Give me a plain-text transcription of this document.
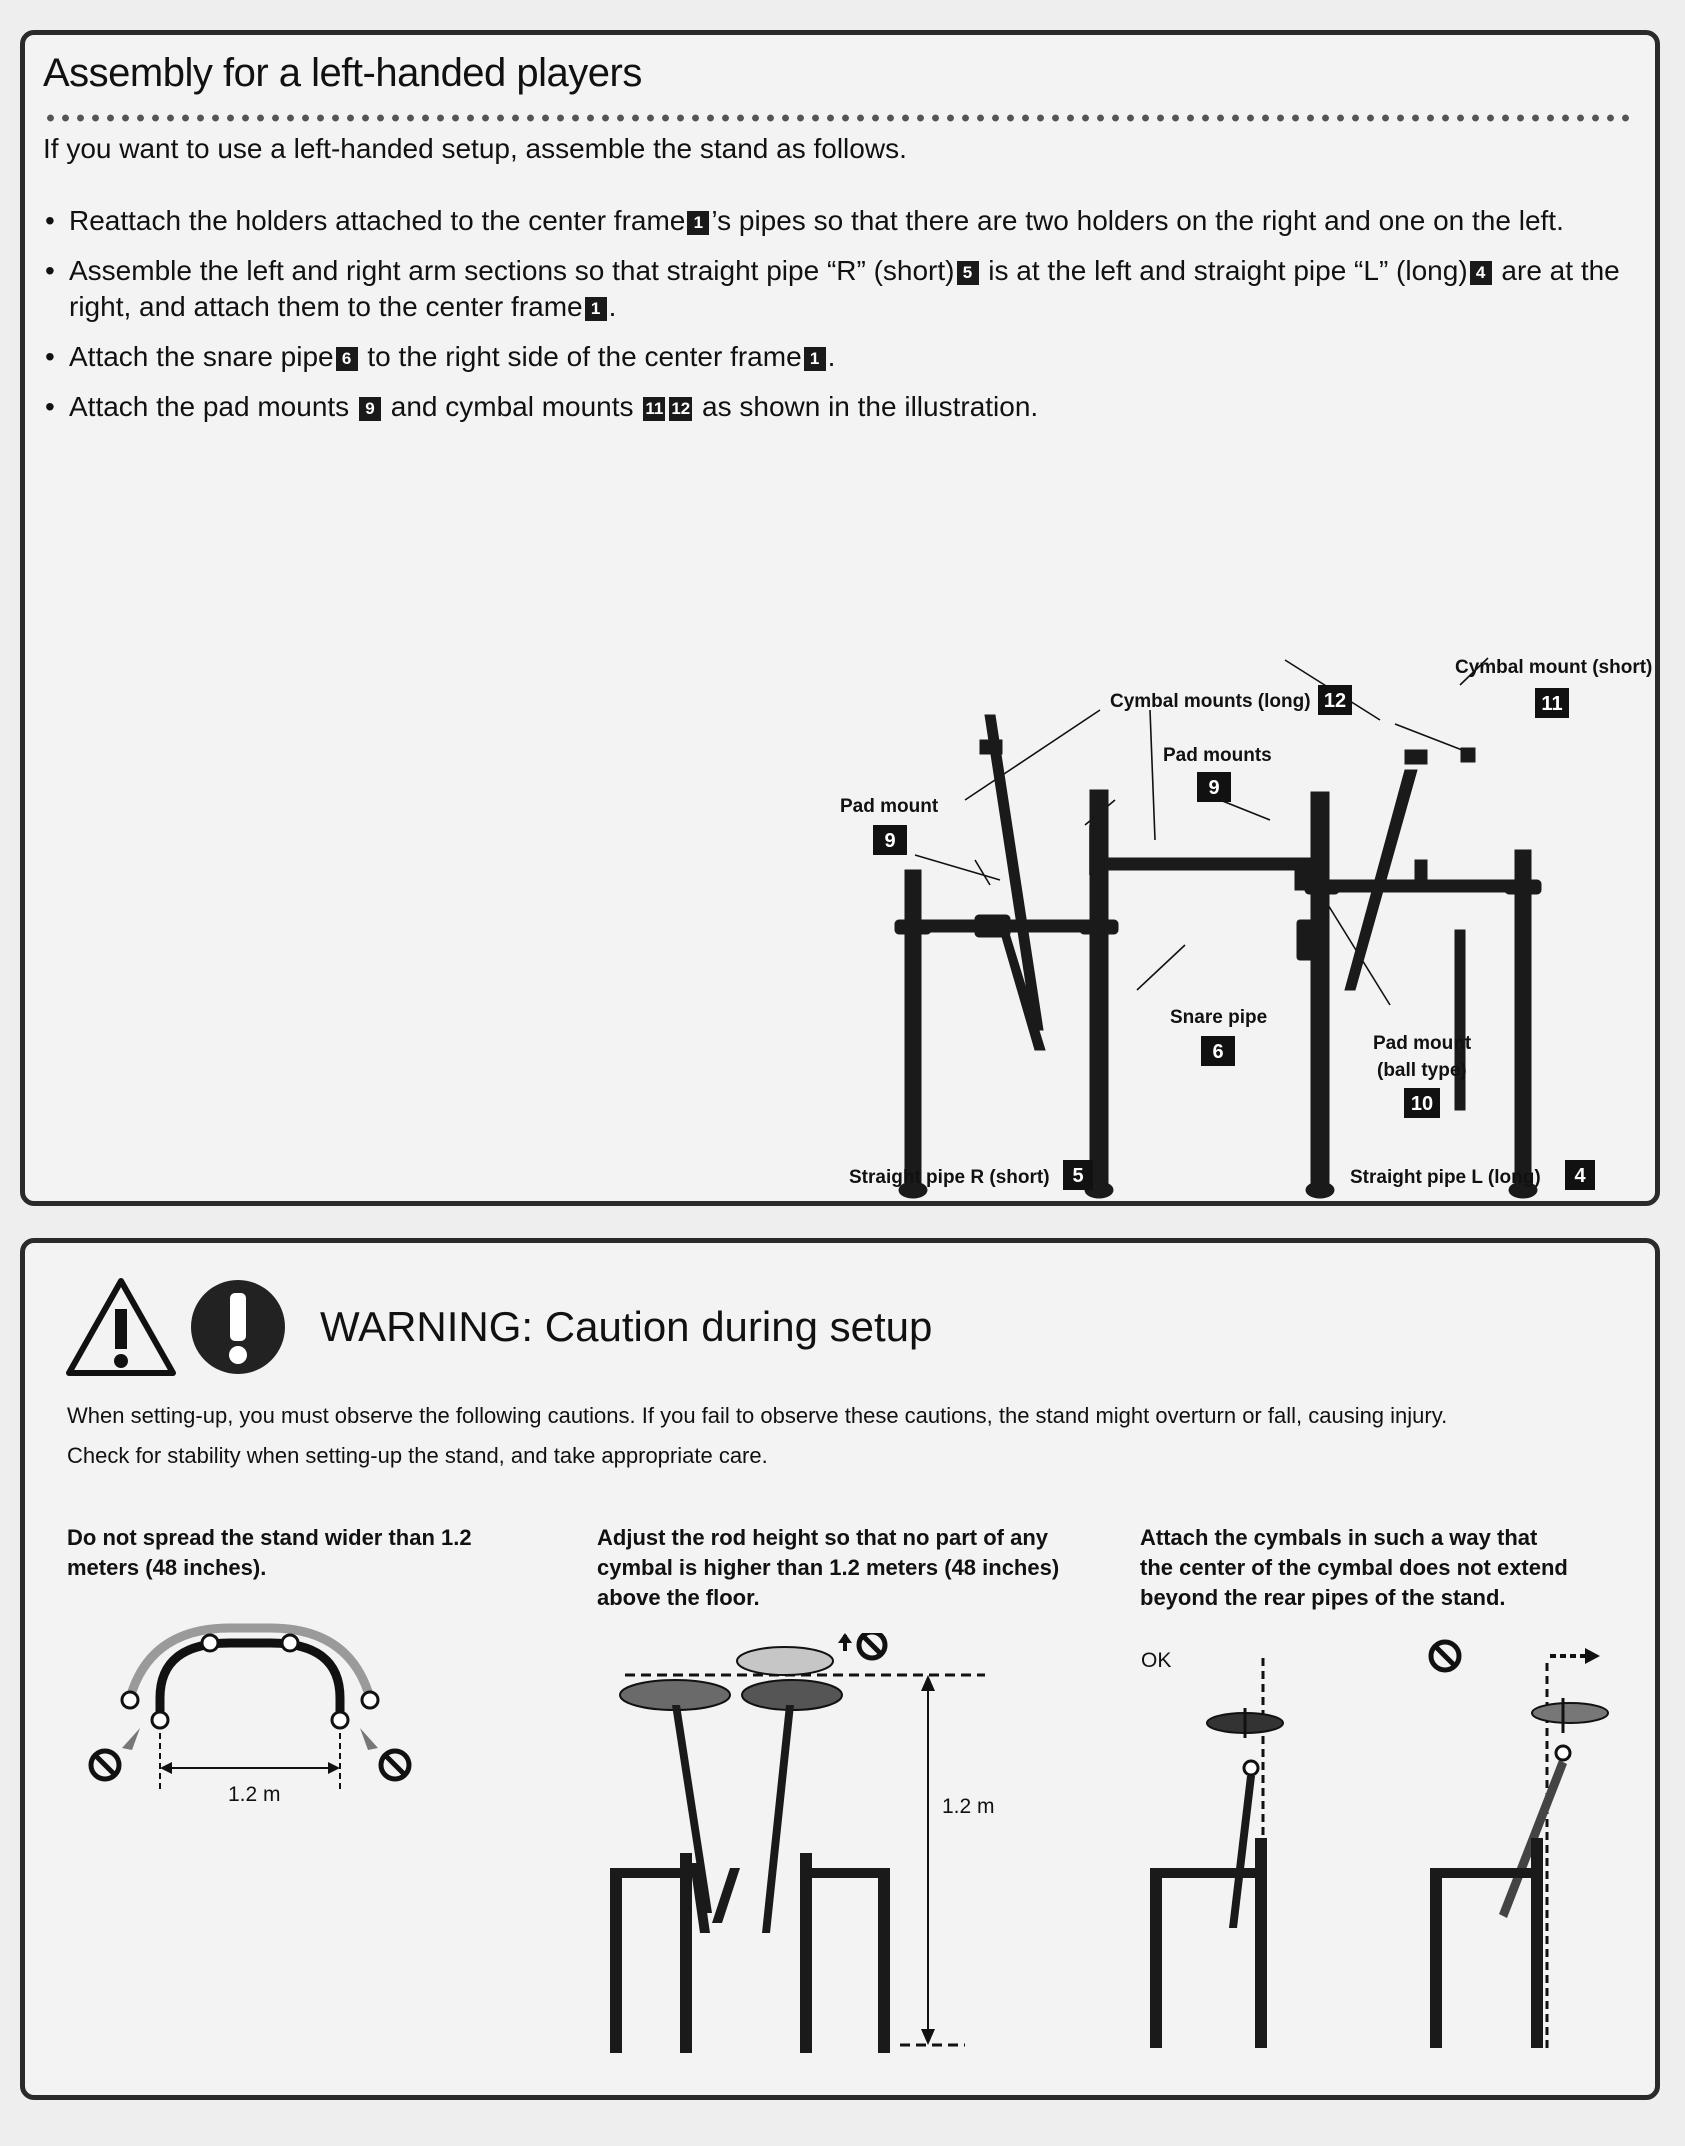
Assembly for a left-handed players
If you want to use a left-handed setup, assemble the stand as follows.
• Reattach the holders attached to the center frame 1 ’s pipes so that there are two holders on the right and one on the left.
• Assemble the left and right arm sections so that straight pipe “R” (short) 5 is at the left and straight pipe “L” (long) 4 are at the right, and attach them to the center frame 1 .
• Attach the snare pipe 6 to the right side of the center frame 1 .
• Attach the pad mounts 9 and cymbal mounts 11 12 as shown in the illustration.
Cymbal mount (short)
11
Cymbal mounts (long) 12
Pad mounts
9
Pad mount
9
Snare pipe
6	Pad mount
(ball type)
10
Straight pipe R (short) 5	Straight pipe L (long) 4
WARNING: Caution during setup
When setting-up, you must observe the following cautions. If you fail to observe these cautions, the stand might overturn or fall, causing injury.
Check for stability when setting-up the stand, and take appropriate care.
Do not spread the stand wider than 1.2
meters (48 inches).
1.2 m
Adjust the rod height so that no part of any
cymbal is higher than 1.2 meters (48 inches)
above the floor.
1.2 m
Attach the cymbals in such a way that
the center of the cymbal does not extend
beyond the rear pipes of the stand.
OK
